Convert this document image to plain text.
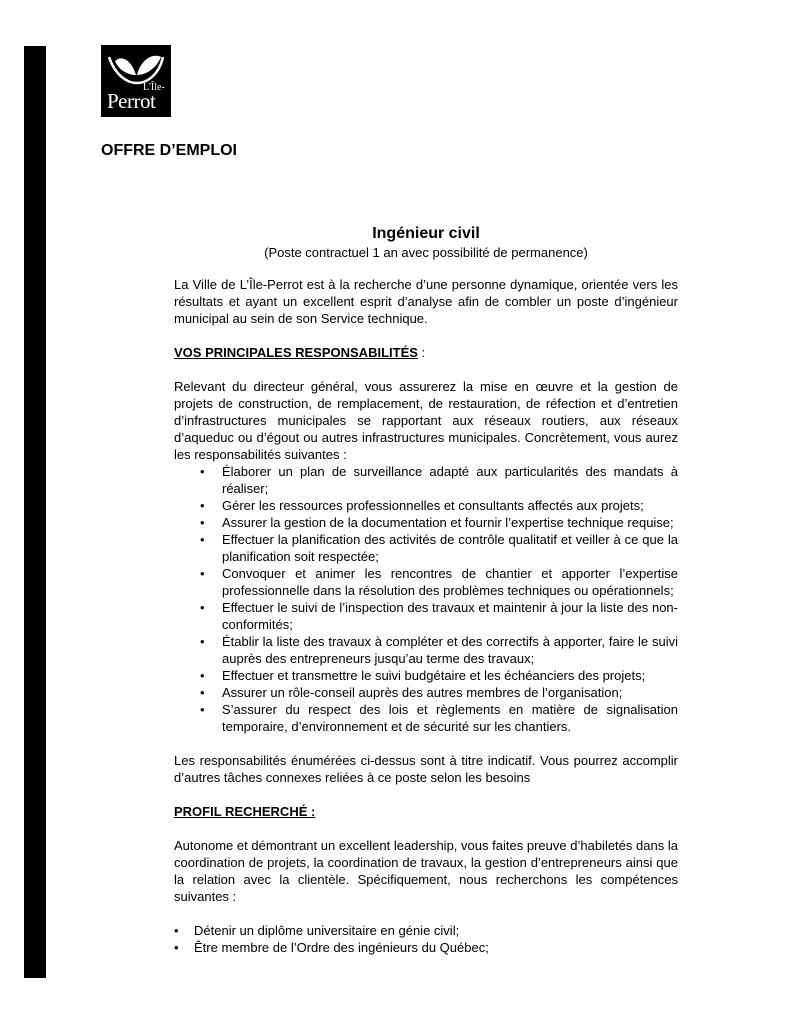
L'Île-
Perrot
OFFRE D’EMPLOI
Ingénieur civil
(Poste contractuel 1 an avec possibilité de permanence)

La Ville de L’Île-Perrot est à la recherche d’une personne dynamique, orientée vers les résultats et ayant un excellent esprit d’analyse afin de combler un poste d’ingénieur municipal au sein de son Service technique.

VOS PRINCIPALES RESPONSABILITÉS :

Relevant du directeur général, vous assurerez la mise en œuvre et la gestion de projets de construction, de remplacement, de restauration, de réfection et d’entretien d’infrastructures municipales se rapportant aux réseaux routiers, aux réseaux d’aqueduc ou d’égout ou autres infrastructures municipales. Concrètement, vous aurez les responsabilités suivantes :

• Élaborer un plan de surveillance adapté aux particularités des mandats à réaliser;
• Gérer les ressources professionnelles et consultants affectés aux projets;
• Assurer la gestion de la documentation et fournir l’expertise technique requise;
• Effectuer la planification des activités de contrôle qualitatif et veiller à ce que la planification soit respectée;
• Convoquer et animer les rencontres de chantier et apporter l’expertise professionnelle dans la résolution des problèmes techniques ou opérationnels;
• Effectuer le suivi de l’inspection des travaux et maintenir à jour la liste des non-conformités;
• Établir la liste des travaux à compléter et des correctifs à apporter, faire le suivi auprès des entrepreneurs jusqu’au terme des travaux;
• Effectuer et transmettre le suivi budgétaire et les échéanciers des projets;
• Assurer un rôle-conseil auprès des autres membres de l’organisation;
• S’assurer du respect des lois et règlements en matière de signalisation temporaire, d’environnement et de sécurité sur les chantiers.

Les responsabilités énumérées ci-dessus sont à titre indicatif. Vous pourrez accomplir d’autres tâches connexes reliées à ce poste selon les besoins

PROFIL RECHERCHÉ :

Autonome et démontrant un excellent leadership, vous faites preuve d’habiletés dans la coordination de projets, la coordination de travaux, la gestion d’entrepreneurs ainsi que la relation avec la clientèle. Spécifiquement, nous recherchons les compétences suivantes :

• Détenir un diplôme universitaire en génie civil;
• Être membre de l’Ordre des ingénieurs du Québec;
